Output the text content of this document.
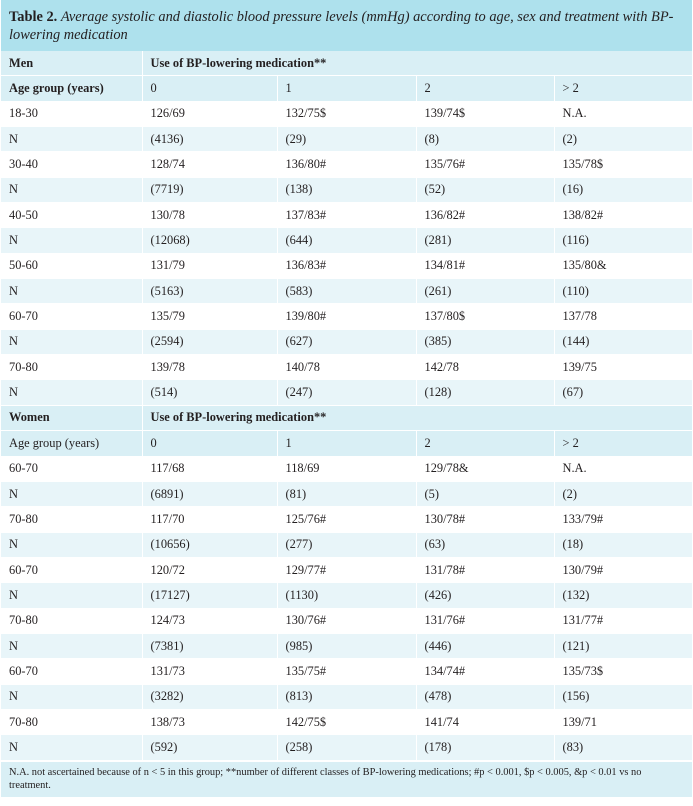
Table 2. Average systolic and diastolic blood pressure levels (mmHg) according to age, sex and treatment with BP-lowering medication
Men	Use of BP-lowering medication**			
Age group (years)	0	1	2	> 2
18-30	126/69	132/75$	139/74$	N.A.
N	(4136)	(29)	(8)	(2)
30-40	128/74	136/80#	135/76#	135/78$
N	(7719)	(138)	(52)	(16)
40-50	130/78	137/83#	136/82#	138/82#
N	(12068)	(644)	(281)	(116)
50-60	131/79	136/83#	134/81#	135/80&
N	(5163)	(583)	(261)	(110)
60-70	135/79	139/80#	137/80$	137/78
N	(2594)	(627)	(385)	(144)
70-80	139/78	140/78	142/78	139/75
N	(514)	(247)	(128)	(67)
Women	Use of BP-lowering medication**			
Age group (years)	0	1	2	> 2
60-70	117/68	118/69	129/78&	N.A.
N	(6891)	(81)	(5)	(2)
70-80	117/70	125/76#	130/78#	133/79#
N	(10656)	(277)	(63)	(18)
60-70	120/72	129/77#	131/78#	130/79#
N	(17127)	(1130)	(426)	(132)
70-80	124/73	130/76#	131/76#	131/77#
N	(7381)	(985)	(446)	(121)
60-70	131/73	135/75#	134/74#	135/73$
N	(3282)	(813)	(478)	(156)
70-80	138/73	142/75$	141/74	139/71
N	(592)	(258)	(178)	(83)
N.A. not ascertained because of n < 5 in this group; **number of different classes of BP-lowering medications; #p < 0.001, $p < 0.005, &p < 0.01 vs no treatment.
